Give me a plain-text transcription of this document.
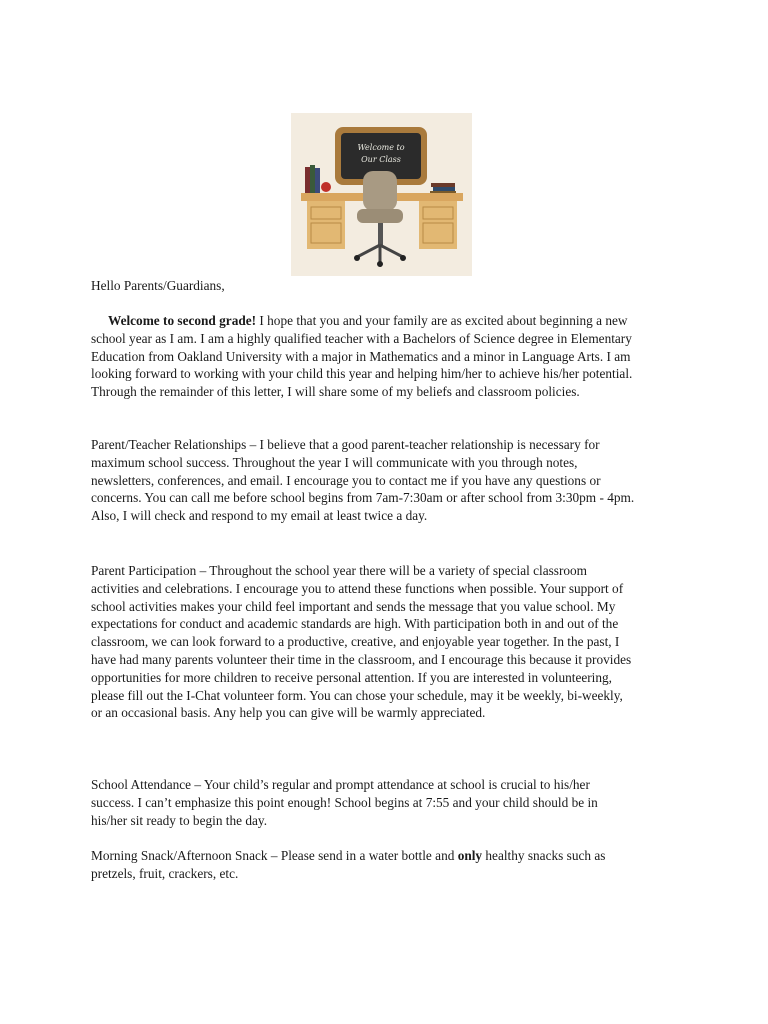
Welcome to
Our Class

Hello Parents/Guardians,

Welcome to second grade! I hope that you and your family are as excited about beginning a new school year as I am. I am a highly qualified teacher with a Bachelors of Science degree in Elementary Education from Oakland University with a major in Mathematics and a minor in Language Arts. I am looking forward to working with your child this year and helping him/her to achieve his/her potential. Through the remainder of this letter, I will share some of my beliefs and classroom policies.

Parent/Teacher Relationships – I believe that a good parent-teacher relationship is necessary for maximum school success. Throughout the year I will communicate with you through notes, newsletters, conferences, and email. I encourage you to contact me if you have any questions or concerns. You can call me before school begins from 7am-7:30am or after school from 3:30pm - 4pm. Also, I will check and respond to my email at least twice a day.

Parent Participation – Throughout the school year there will be a variety of special classroom activities and celebrations. I encourage you to attend these functions when possible. Your support of school activities makes your child feel important and sends the message that you value school. My expectations for conduct and academic standards are high. With participation both in and out of the classroom, we can look forward to a productive, creative, and enjoyable year together. In the past, I have had many parents volunteer their time in the classroom, and I encourage this because it provides opportunities for more children to receive personal attention. If you are interested in volunteering, please fill out the I-Chat volunteer form. You can chose your schedule, may it be weekly, bi-weekly, or an occasional basis. Any help you can give will be warmly appreciated.

School Attendance – Your child’s regular and prompt attendance at school is crucial to his/her success. I can’t emphasize this point enough! School begins at 7:55 and your child should be in his/her sit ready to begin the day.

Morning Snack/Afternoon Snack – Please send in a water bottle and only healthy snacks such as pretzels, fruit, crackers, etc.
